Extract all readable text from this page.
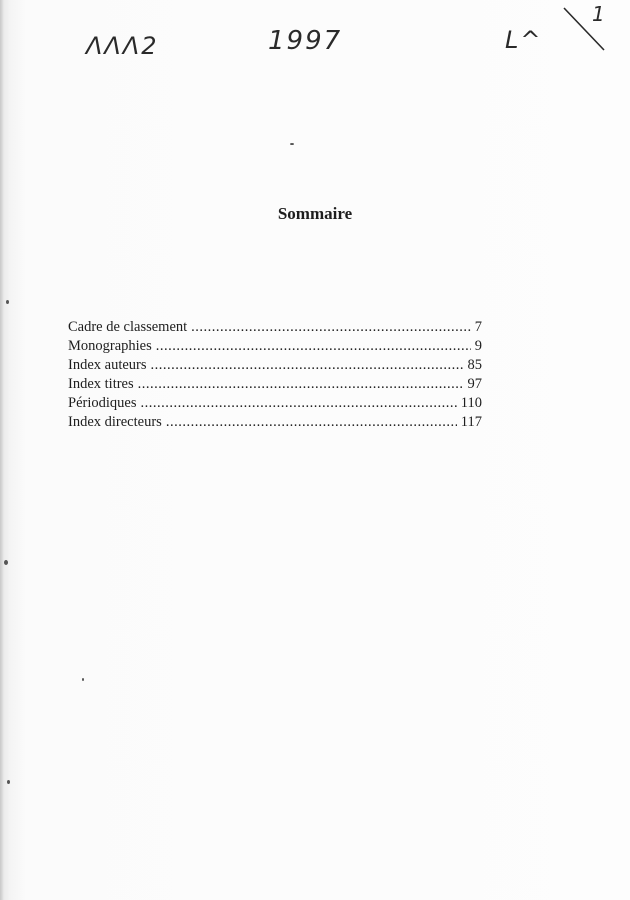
ɅɅɅ2	1997	L^
1
Sommaire
Cadre de classement .....	7
Monographies .....	9
Index auteurs .....	85
Index titres .....	97
Périodiques .....	110
Index directeurs .....	117
